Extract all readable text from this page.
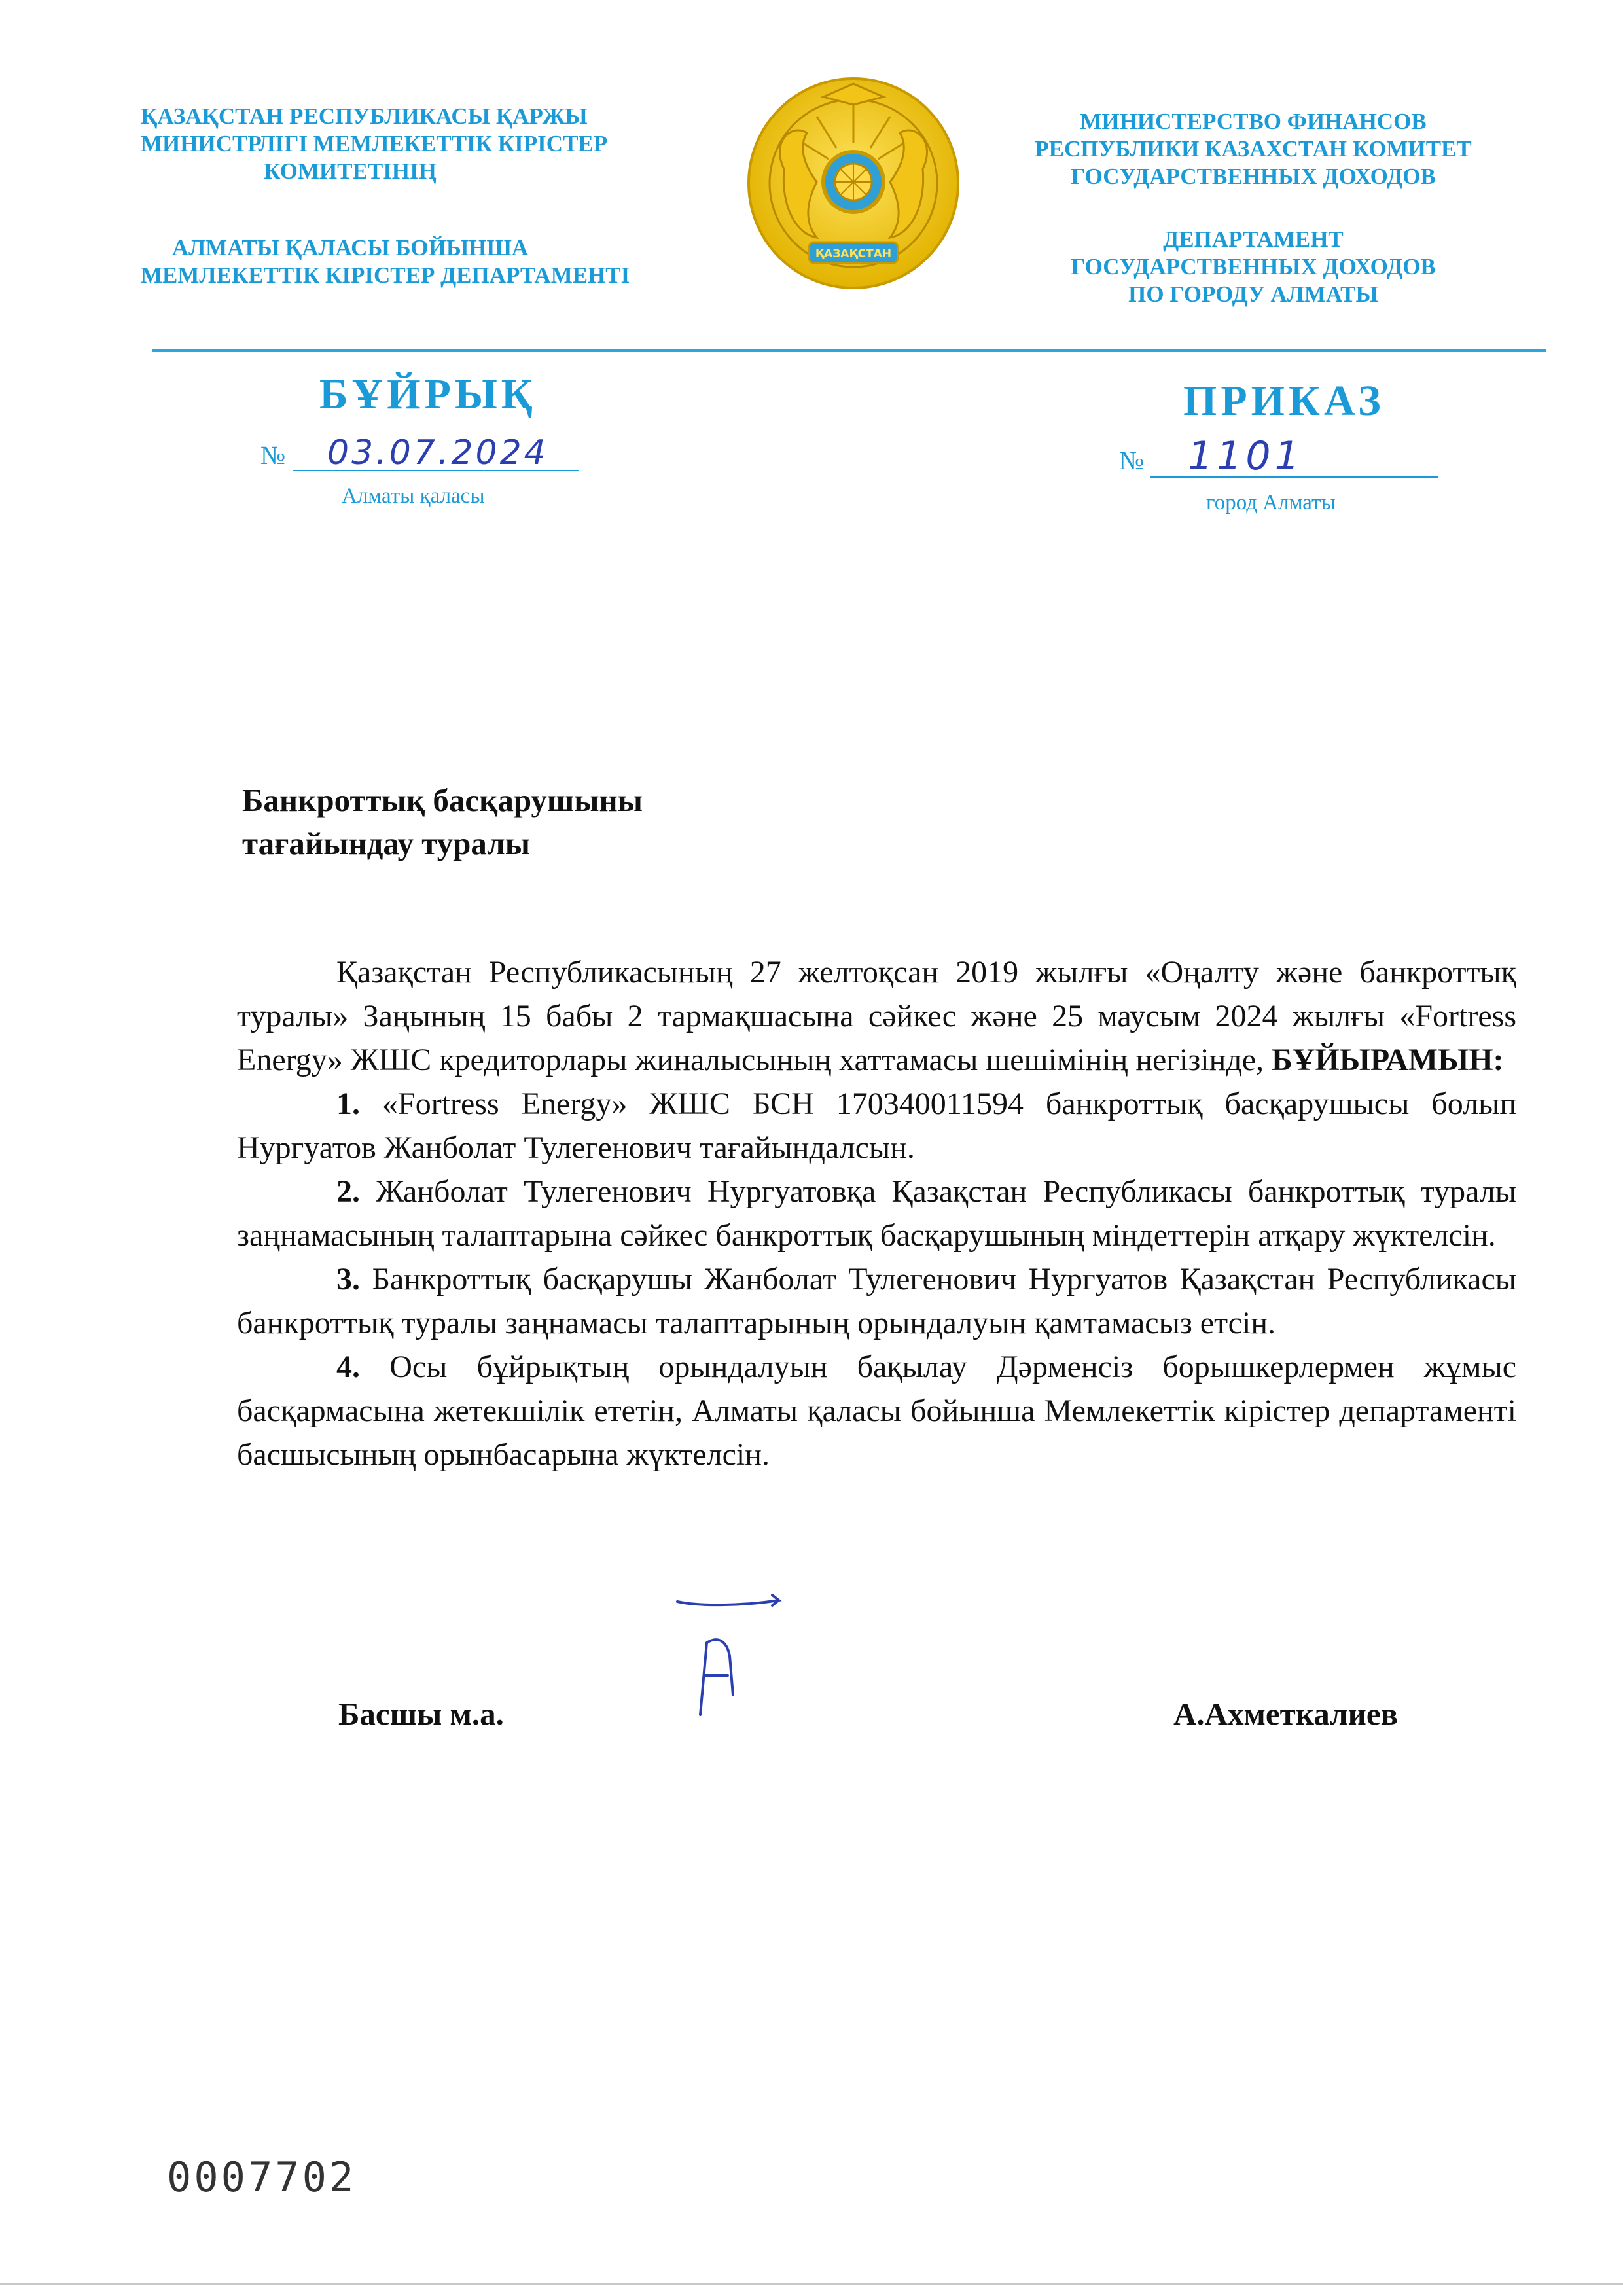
ҚАЗАҚСТАН РЕСПУБЛИКАСЫ ҚАРЖЫ
МИНИСТРЛІГІ МЕМЛЕКЕТТІК КІРІСТЕР
КОМИТЕТІНІҢ
АЛМАТЫ ҚАЛАСЫ БОЙЫНША
МЕМЛЕКЕТТІК КІРІСТЕР ДЕПАРТАМЕНТІ
ҚАЗАҚСТАН
МИНИСТЕРСТВО ФИНАНСОВ
РЕСПУБЛИКИ КАЗАХСТАН КОМИТЕТ
ГОСУДАРСТВЕННЫХ ДОХОДОВ
ДЕПАРТАМЕНТ
ГОСУДАРСТВЕННЫХ ДОХОДОВ
ПО ГОРОДУ АЛМАТЫ
БҰЙРЫҚ	ПРИКАЗ
№ 03.07.2024	№ 1101
Алматы қаласы	город Алматы
Банкроттық басқарушыны
тағайындау туралы

Қазақстан Республикасының 27 желтоқсан 2019 жылғы «Оңалту және банкроттық туралы» Заңының 15 бабы 2 тармақшасына сәйкес және 25 маусым 2024 жылғы «Fortress Energy» ЖШС кредиторлары жиналысының хаттамасы шешімінің негізінде, БҰЙЫРАМЫН:

1. «Fortress Energy» ЖШС БСН 170340011594 банкроттық басқарушысы болып Нургуатов Жанболат Тулегенович тағайындалсын.

2. Жанболат Тулегенович Нургуатовқа Қазақстан Республикасы банкроттық туралы заңнамасының талаптарына сәйкес банкроттық басқарушының міндеттерін атқару жүктелсін.

3. Банкроттық басқарушы Жанболат Тулегенович Нургуатов Қазақстан Республикасы банкроттық туралы заңнамасы талаптарының орындалуын қамтамасыз етсін.

4. Осы бұйрықтың орындалуын бақылау Дәрменсіз борышкерлермен жұмыс басқармасына жетекшілік ететін, Алматы қаласы бойынша Мемлекеттік кірістер департаменті басшысының орынбасарына жүктелсін.

Басшы м.а.	А.Ахметкалиев
0007702
